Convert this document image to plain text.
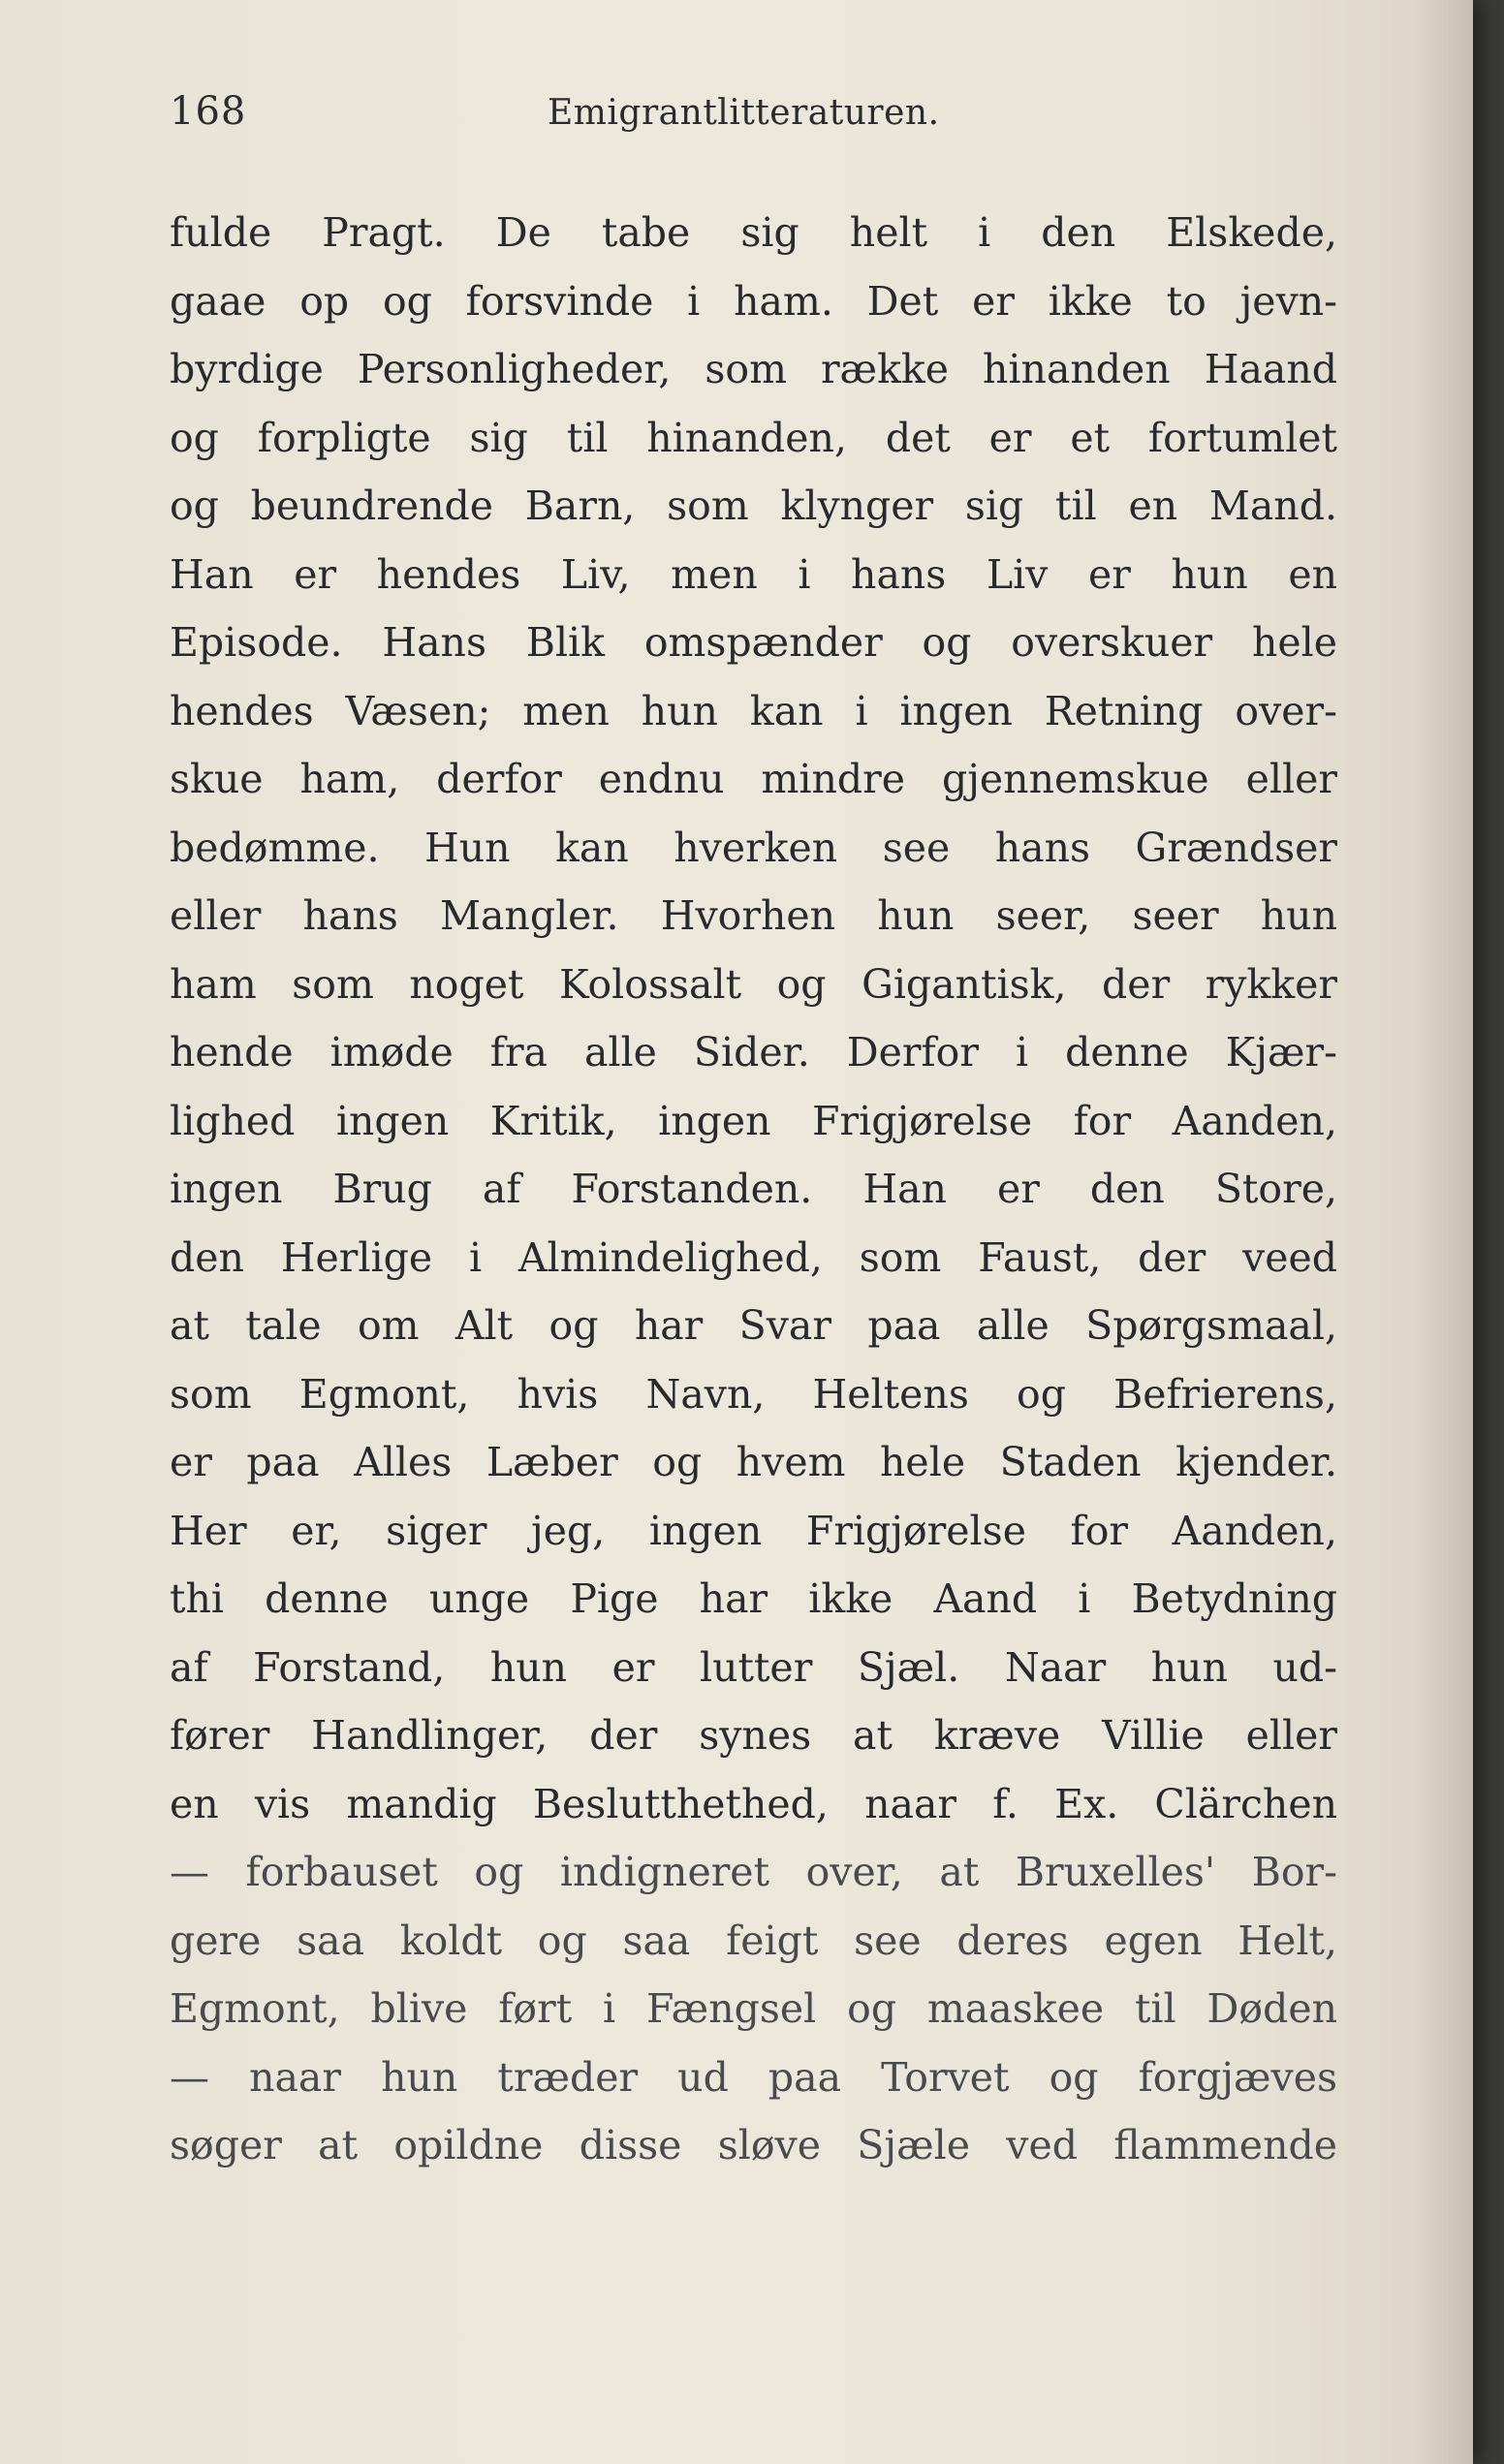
168	Emigrantlitteraturen.
fulde Pragt. De tabe sig helt i den Elskede,
gaae op og forsvinde i ham. Det er ikke to jevn-
byrdige Personligheder, som række hinanden Haand
og forpligte sig til hinanden, det er et fortumlet
og beundrende Barn, som klynger sig til en Mand.
Han er hendes Liv, men i hans Liv er hun en
Episode. Hans Blik omspænder og overskuer hele
hendes Væsen; men hun kan i ingen Retning over-
skue ham, derfor endnu mindre gjennemskue eller
bedømme. Hun kan hverken see hans Grændser
eller hans Mangler. Hvorhen hun seer, seer hun
ham som noget Kolossalt og Gigantisk, der rykker
hende imøde fra alle Sider. Derfor i denne Kjær-
lighed ingen Kritik, ingen Frigjørelse for Aanden,
ingen Brug af Forstanden. Han er den Store,
den Herlige i Almindelighed, som Faust, der veed
at tale om Alt og har Svar paa alle Spørgsmaal,
som Egmont, hvis Navn, Heltens og Befrierens,
er paa Alles Læber og hvem hele Staden kjender.
Her er, siger jeg, ingen Frigjørelse for Aanden,
thi denne unge Pige har ikke Aand i Betydning
af Forstand, hun er lutter Sjæl. Naar hun ud-
fører Handlinger, der synes at kræve Villie eller
en vis mandig Beslutthethed, naar f. Ex. Clärchen
— forbauset og indigneret over, at Bruxelles' Bor-
gere saa koldt og saa feigt see deres egen Helt,
Egmont, blive ført i Fængsel og maaskee til Døden
— naar hun træder ud paa Torvet og forgjæves
søger at opildne disse sløve Sjæle ved flammende
